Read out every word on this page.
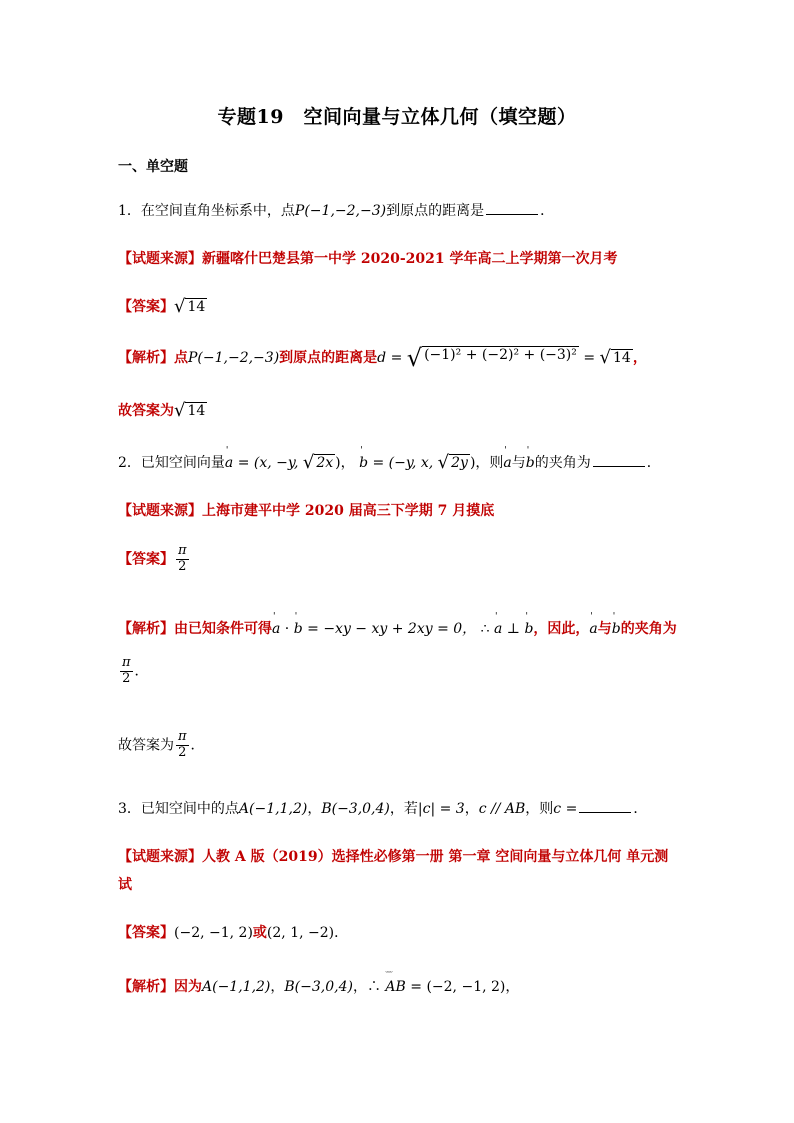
专题19　空间向量与立体几何（填空题）
一、单空题
1．在空间直角坐标系中，点P(−1,−2,−3)到原点的距离是	．
【试题来源】新疆喀什巴楚县第一中学 2020-2021 学年高二上学期第一次月考
【答案】 √ 14
【解析】点P(−1,−2,−3)到原点的距离是d = √ (−1)² + (−2)² + (−3)² = √ 14 ，
故答案为 √ 14
2．已知空间向量' a = (x, −y, √ 2x )， ' b = (−y, x, √ 2y )，则' a与' b的夹角为	．
【试题来源】上海市建平中学 2020 届高三下学期 7 月摸底
【答案】 $\frac{\pi}{2}$
【解析】由已知条件可得' a · ' b = −xy − xy + 2xy = 0， ∴ ' a ⊥ ' b，因此，' a与' b的夹角为
$\frac{\pi}{2}$ ．
故答案为 $\frac{\pi}{2}$ ．
3．已知空间中的点A(−1,1,2)，B(−3,0,4)，若|c| = 3，c // AB，则c =	．
【试题来源】人教 A 版（2019）选择性必修第一册 第一章 空间向量与立体几何 单元测
试
【答案】(−2, −1, 2)或(2, 1, −2)．
【解析】因为A(−1,1,2)，B(−3,0,4)，∴ ᵕᵕᵕ AB = (−2, −1, 2)，
